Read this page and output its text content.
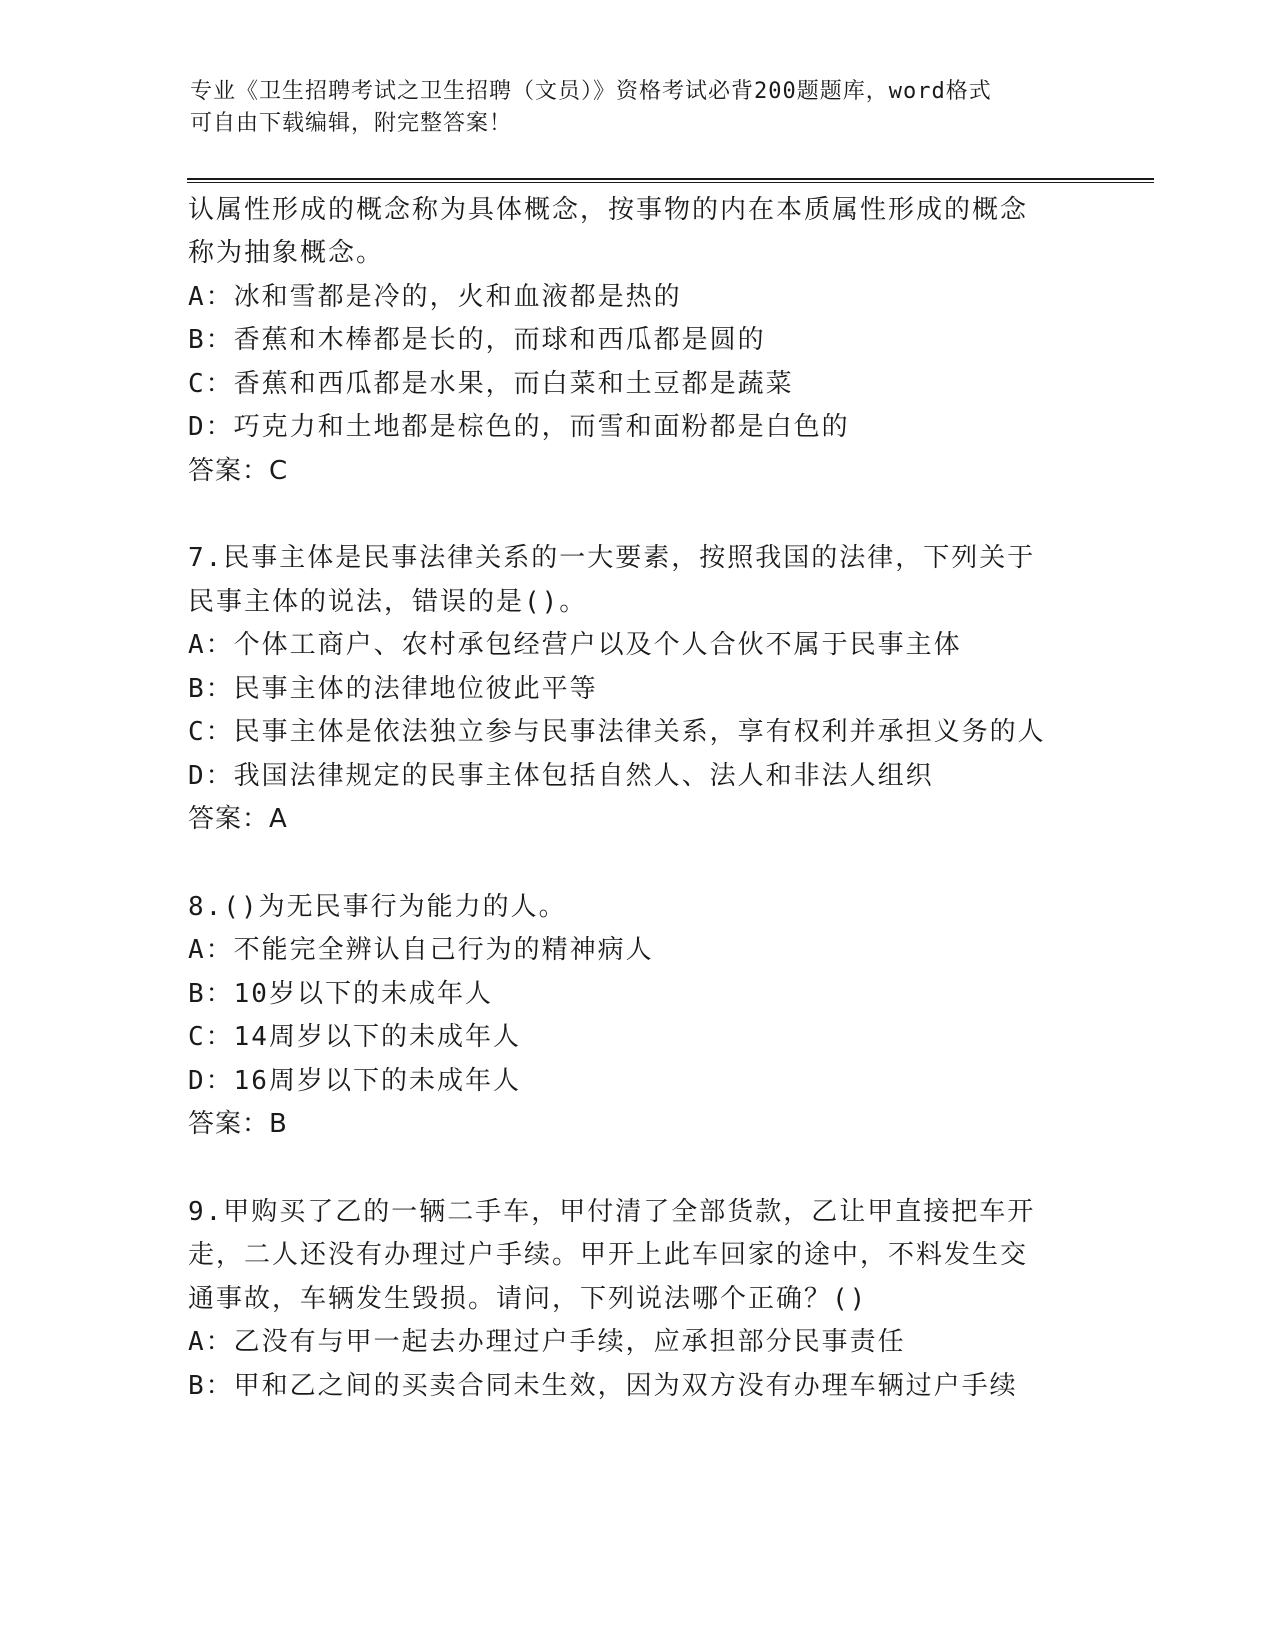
专业《卫生招聘考试之卫生招聘（文员）》资格考试必背200题题库，word格式
可自由下载编辑，附完整答案！
认属性形成的概念称为具体概念，按事物的内在本质属性形成的概念
称为抽象概念。
A：冰和雪都是冷的，火和血液都是热的
B：香蕉和木棒都是长的，而球和西瓜都是圆的
C：香蕉和西瓜都是水果，而白菜和土豆都是蔬菜
D：巧克力和土地都是棕色的，而雪和面粉都是白色的
答案：C
7.民事主体是民事法律关系的一大要素，按照我国的法律，下列关于
民事主体的说法，错误的是()。
A：个体工商户、农村承包经营户以及个人合伙不属于民事主体
B：民事主体的法律地位彼此平等
C：民事主体是依法独立参与民事法律关系，享有权利并承担义务的人
D：我国法律规定的民事主体包括自然人、法人和非法人组织
答案：A
8.()为无民事行为能力的人。
A：不能完全辨认自己行为的精神病人
B：10岁以下的未成年人
C：14周岁以下的未成年人
D：16周岁以下的未成年人
答案：B
9.甲购买了乙的一辆二手车，甲付清了全部货款，乙让甲直接把车开
走，二人还没有办理过户手续。甲开上此车回家的途中，不料发生交
通事故，车辆发生毁损。请问，下列说法哪个正确？()
A：乙没有与甲一起去办理过户手续，应承担部分民事责任
B：甲和乙之间的买卖合同未生效，因为双方没有办理车辆过户手续
